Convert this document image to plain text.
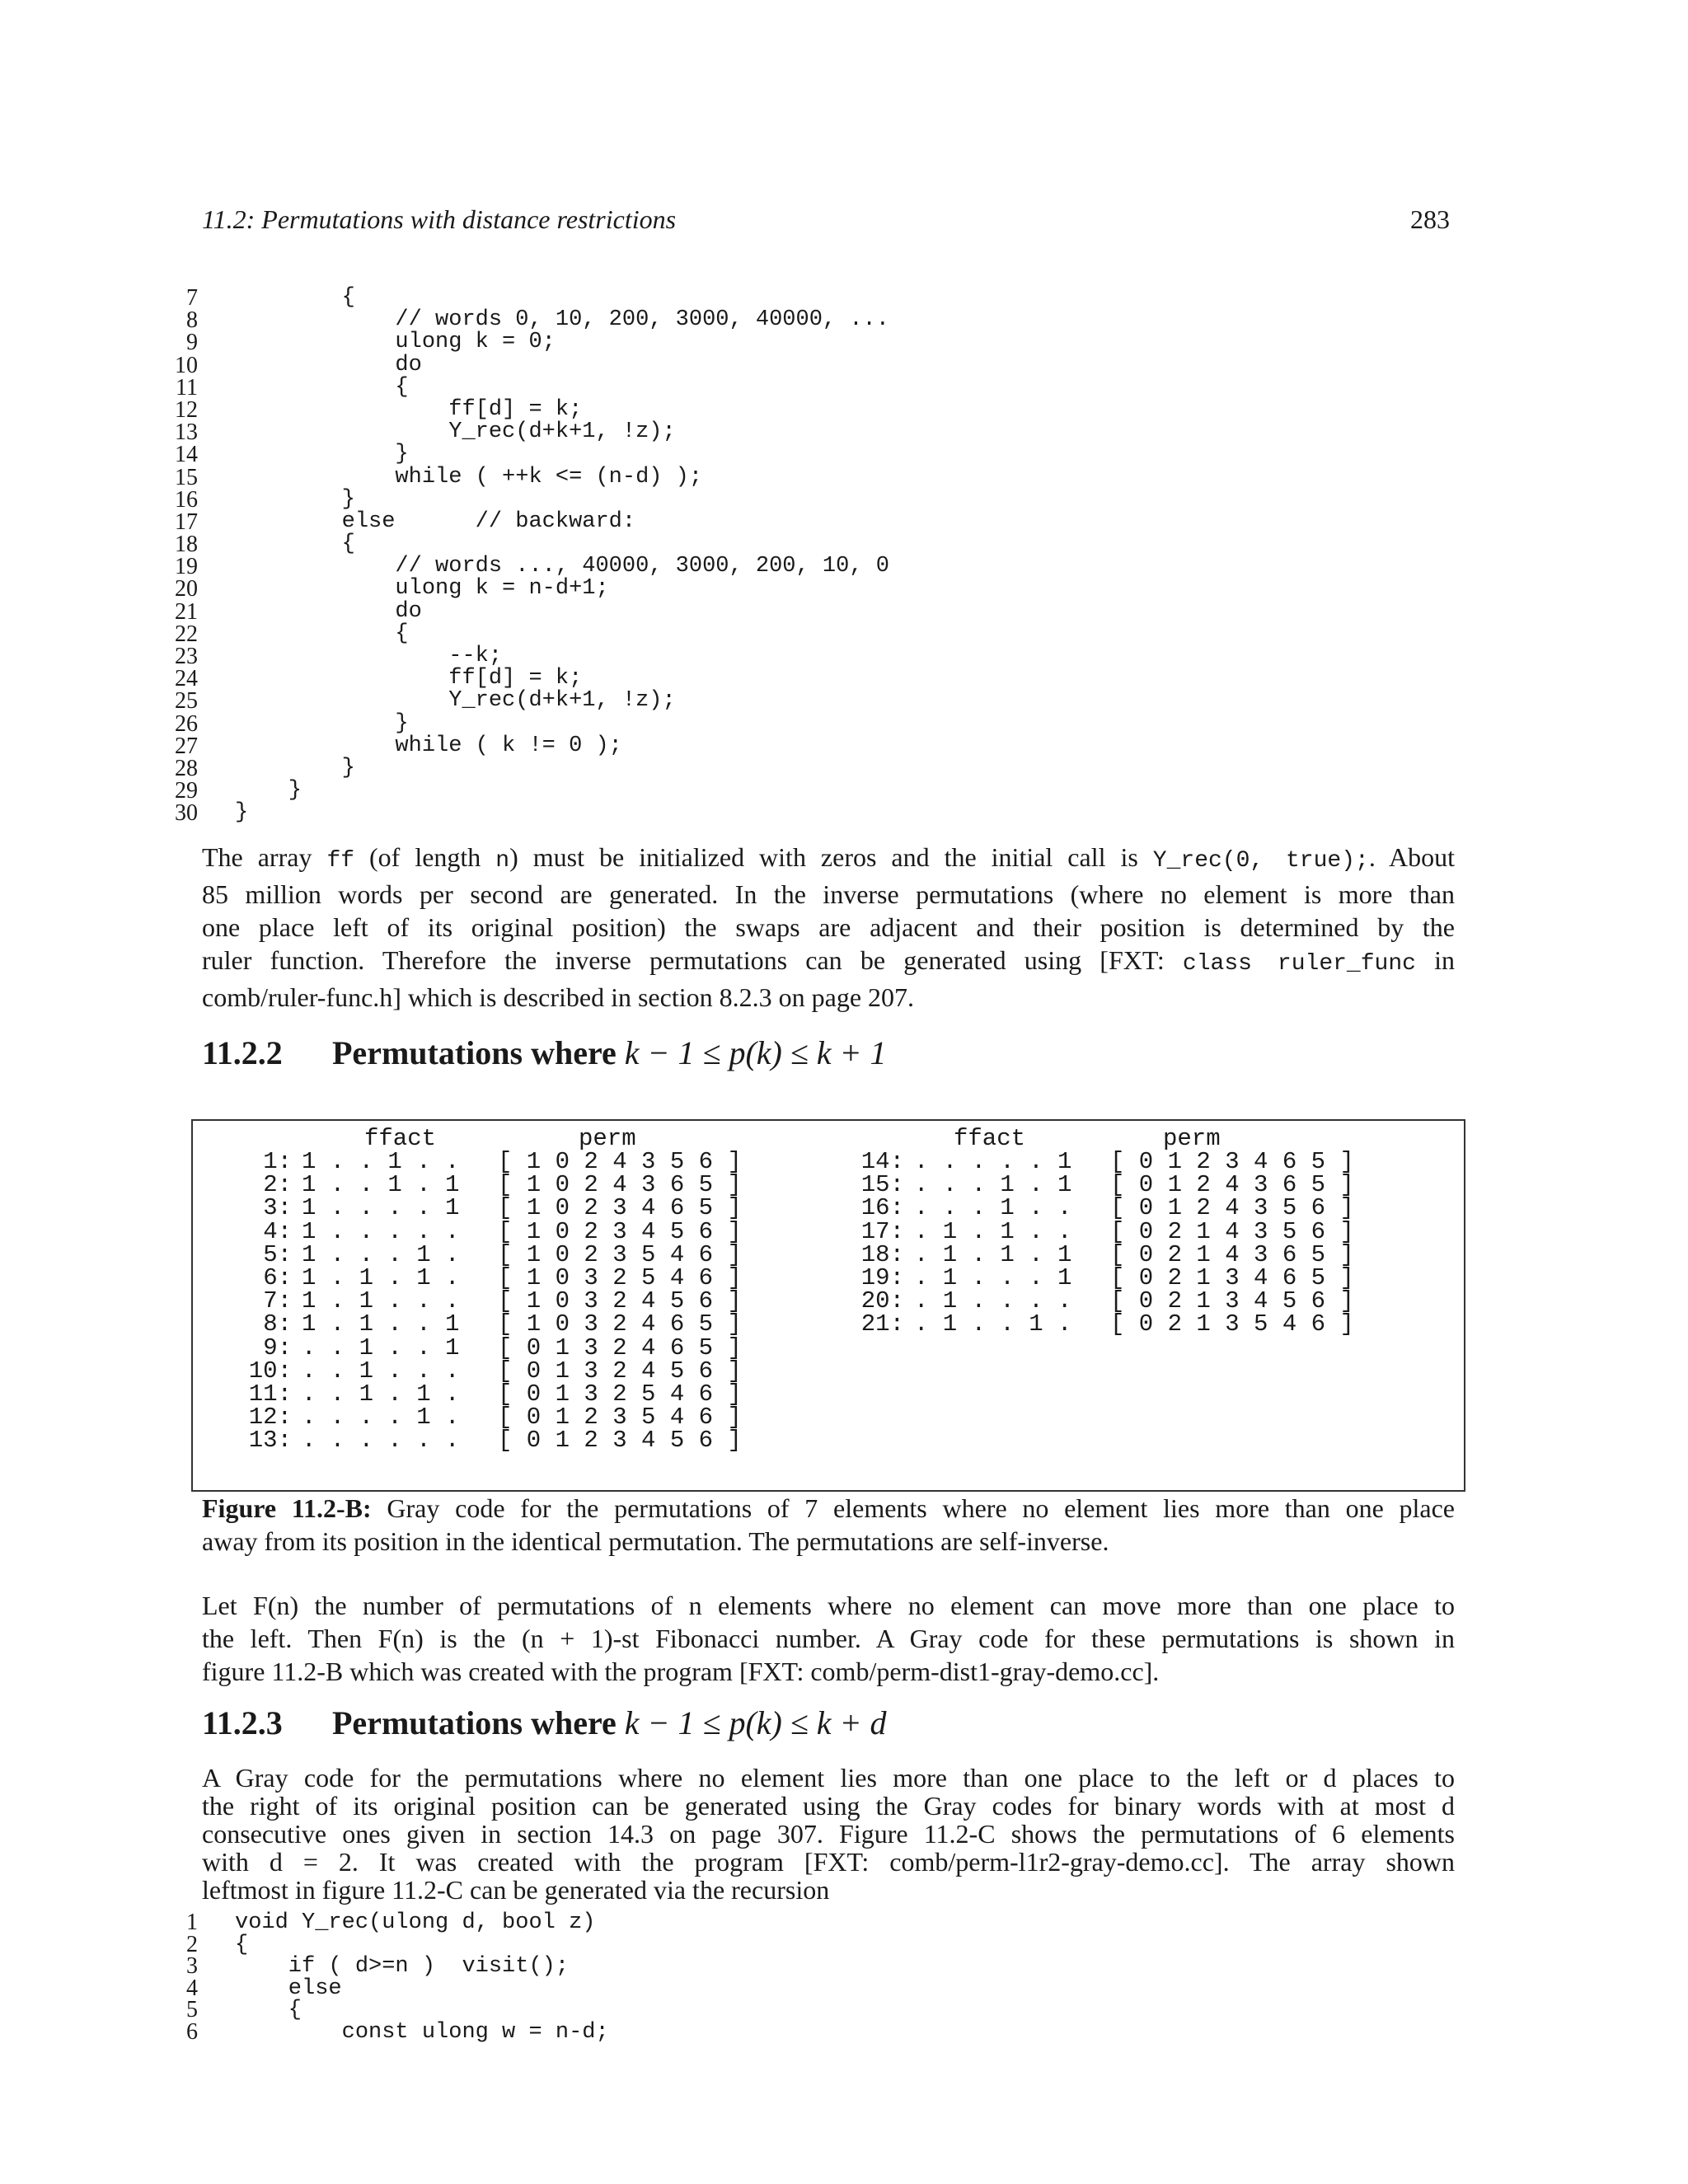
11.2: Permutations with distance restrictions	283
7 {
8 // words 0, 10, 200, 3000, 40000, ...
9 ulong k = 0;
10 do
11 {
12 ff[d] = k;
13 Y_rec(d+k+1, !z);
14 }
15 while ( ++k <= (n-d) );
16 }
17 else      // backward:
18 {
19 // words ..., 40000, 3000, 200, 10, 0
20 ulong k = n-d+1;
21 do
22 {
23 --k;
24 ff[d] = k;
25 Y_rec(d+k+1, !z);
26 }
27 while ( k != 0 );
28 }
29 }
30 }
The array ff (of length n) must be initialized with zeros and the initial call is Y_rec(0, true);. About
85 million words per second are generated. In the inverse permutations (where no element is more than
one place left of its original position) the swaps are adjacent and their position is determined by the
ruler function. Therefore the inverse permutations can be generated using [FXT: class ruler_func in
comb/ruler-func.h] which is described in section 8.2.3 on page 207.
11.2.2 Permutations where k − 1 ≤ p(k) ≤ k + 1
ffact	perm
1: 1 . . 1 . . [ 1 0 2 4 3 5 6 ]
2: 1 . . 1 . 1 [ 1 0 2 4 3 6 5 ]
3: 1 . . . . 1 [ 1 0 2 3 4 6 5 ]
4: 1 . . . . . [ 1 0 2 3 4 5 6 ]
5: 1 . . . 1 . [ 1 0 2 3 5 4 6 ]
6: 1 . 1 . 1 . [ 1 0 3 2 5 4 6 ]
7: 1 . 1 . . . [ 1 0 3 2 4 5 6 ]
8: 1 . 1 . . 1 [ 1 0 3 2 4 6 5 ]
9: . . 1 . . 1 [ 0 1 3 2 4 6 5 ]
10: . . 1 . . . [ 0 1 3 2 4 5 6 ]
11: . . 1 . 1 . [ 0 1 3 2 5 4 6 ]
12: . . . . 1 . [ 0 1 2 3 5 4 6 ]
13: . . . . . . [ 0 1 2 3 4 5 6 ]
ffact	perm
14: . . . . . 1 [ 0 1 2 3 4 6 5 ]
15: . . . 1 . 1 [ 0 1 2 4 3 6 5 ]
16: . . . 1 . . [ 0 1 2 4 3 5 6 ]
17: . 1 . 1 . . [ 0 2 1 4 3 5 6 ]
18: . 1 . 1 . 1 [ 0 2 1 4 3 6 5 ]
19: . 1 . . . 1 [ 0 2 1 3 4 6 5 ]
20: . 1 . . . . [ 0 2 1 3 4 5 6 ]
21: . 1 . . 1 . [ 0 2 1 3 5 4 6 ]
Figure 11.2-B: Gray code for the permutations of 7 elements where no element lies more than one place
away from its position in the identical permutation. The permutations are self-inverse.
Let F(n) the number of permutations of n elements where no element can move more than one place to
the left. Then F(n) is the (n + 1)-st Fibonacci number. A Gray code for these permutations is shown in
figure 11.2-B which was created with the program [FXT: comb/perm-dist1-gray-demo.cc].
11.2.3 Permutations where k − 1 ≤ p(k) ≤ k + d
A Gray code for the permutations where no element lies more than one place to the left or d places to
the right of its original position can be generated using the Gray codes for binary words with at most d
consecutive ones given in section 14.3 on page 307. Figure 11.2-C shows the permutations of 6 elements
with d = 2. It was created with the program [FXT: comb/perm-l1r2-gray-demo.cc]. The array shown
leftmost in figure 11.2-C can be generated via the recursion
1 void Y_rec(ulong d, bool z)
2 {
3 if ( d>=n )  visit();
4 else
5 {
6 const ulong w = n-d;
